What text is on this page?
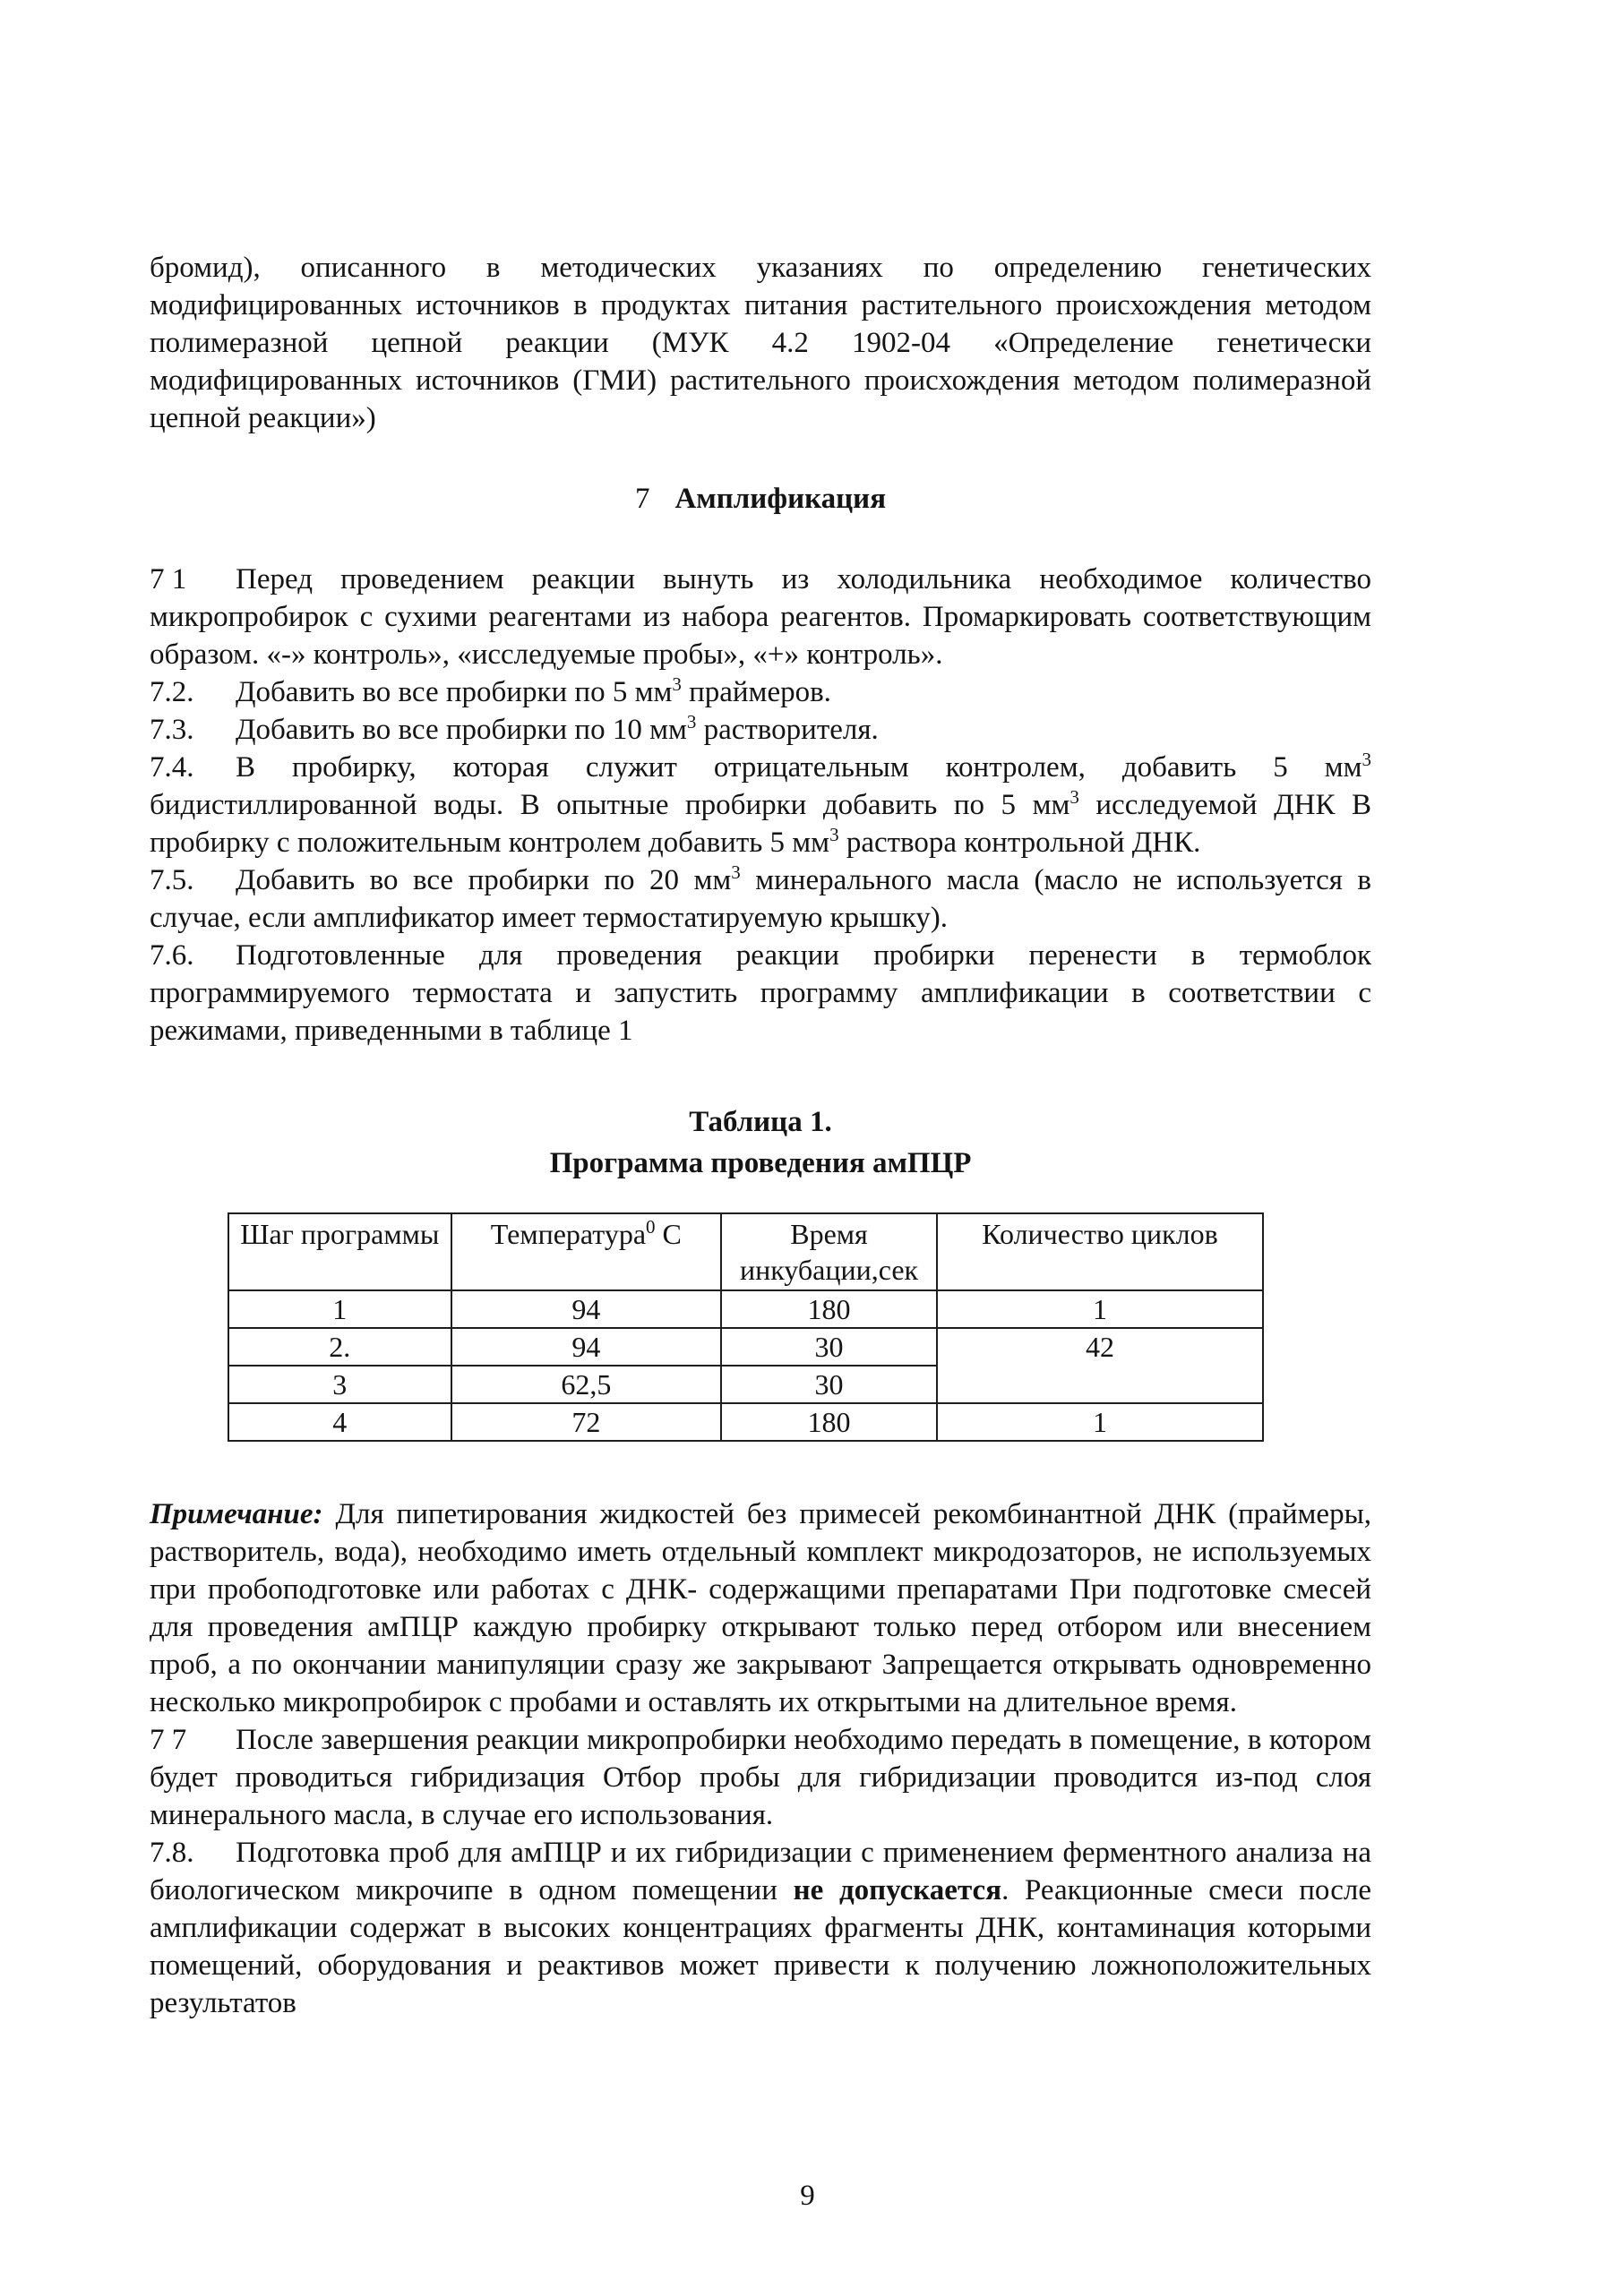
бромид), описанного в методических указаниях по определению генетических модифицированных источников в продуктах питания растительного происхождения методом полимеразной цепной реакции (МУК 4.2 1902-04 «Определение генетически модифицированных источников (ГМИ) растительного происхождения методом полимеразной цепной реакции»)

7 Амплификация
7 1 Перед проведением реакции вынуть из холодильника необходимое количество микропробирок с сухими реагентами из набора реагентов. Промаркировать соответствующим образом. «-» контроль», «исследуемые пробы», «+» контроль».
7.2. Добавить во все пробирки по 5 $мм^3$ праймеров.
7.3. Добавить во все пробирки по 10 $мм^3$ растворителя.
7.4. В пробирку, которая служит отрицательным контролем, добавить 5 $мм^3$ бидистиллированной воды. В опытные пробирки добавить по 5 $мм^3$ исследуемой ДНК В пробирку с положительным контролем добавить 5 $мм^3$ раствора контрольной ДНК.
7.5. Добавить во все пробирки по 20 $мм^3$ минерального масла (масло не используется в случае, если амплификатор имеет термостатируемую крышку).
7.6. Подготовленные для проведения реакции пробирки перенести в термоблок программируемого термостата и запустить программу амплификации в соответствии с режимами, приведенными в таблице 1
Таблица 1.
Программа проведения амПЦР
Шаг программы	Температура$^0$ С	Время инкубации,сек	Количество циклов
1	94	180	1
2.	94	30	42
3	62,5	30	
4	72	180	1

Примечание: Для пипетирования жидкостей без примесей рекомбинантной ДНК (праймеры, растворитель, вода), необходимо иметь отдельный комплект микродозаторов, не используемых при пробоподготовке или работах с ДНК- содержащими препаратами При подготовке смесей для проведения амПЦР каждую пробирку открывают только перед отбором или внесением проб, а по окончании манипуляции сразу же закрывают Запрещается открывать одновременно несколько микропробирок с пробами и оставлять их открытыми на длительное время.

7 7 После завершения реакции микропробирки необходимо передать в помещение, в котором будет проводиться гибридизация Отбор пробы для гибридизации проводится из-под слоя минерального масла, в случае его использования.
7.8. Подготовка проб для амПЦР и их гибридизации с применением ферментного анализа на биологическом микрочипе в одном помещении не допускается. Реакционные смеси после амплификации содержат в высоких концентрациях фрагменты ДНК, контаминация которыми помещений, оборудования и реактивов может привести к получению ложноположительных результатов
9
